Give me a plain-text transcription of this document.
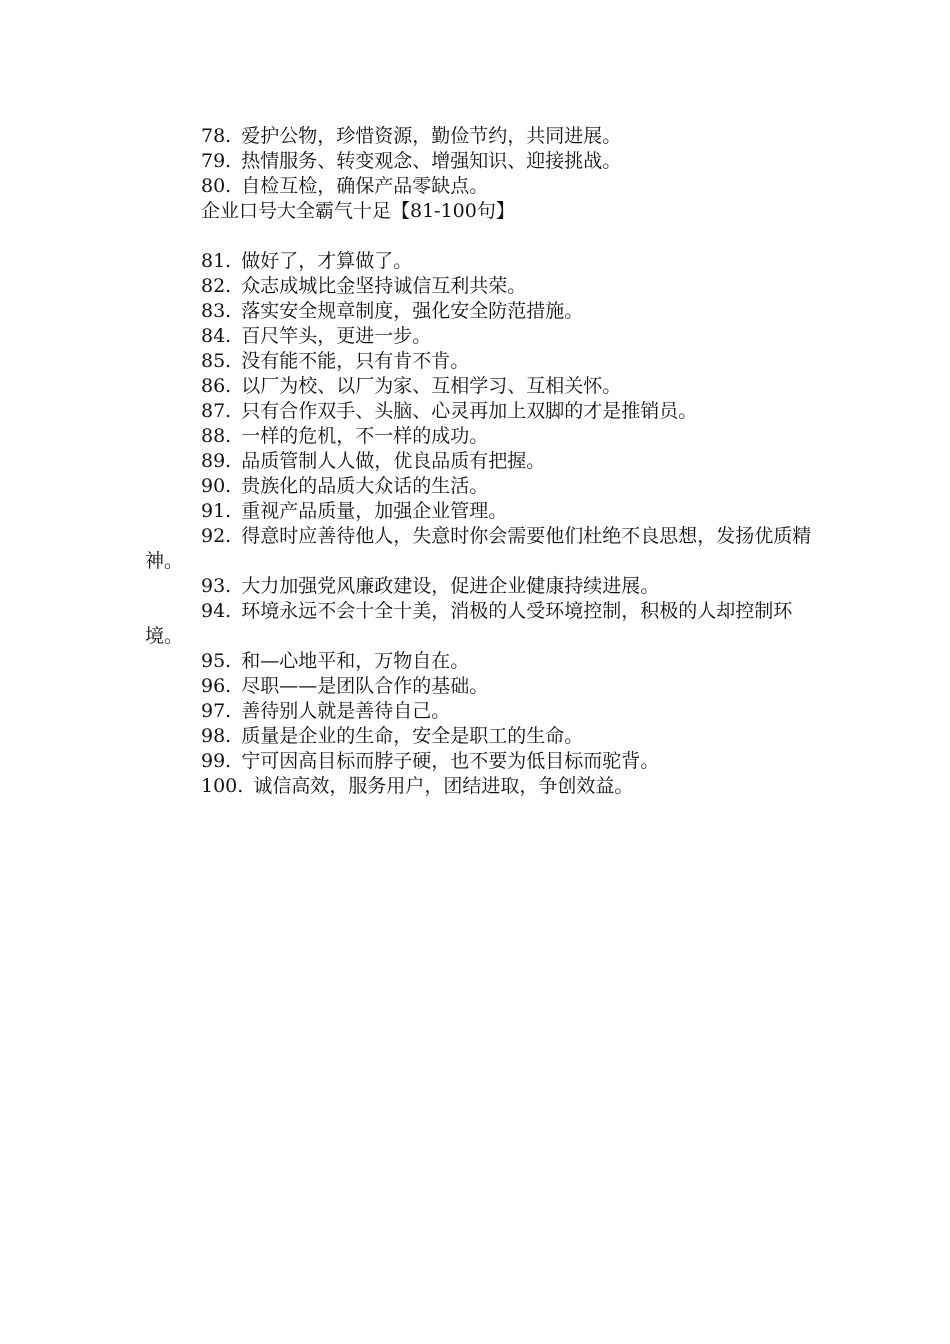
78. 爱护公物，珍惜资源，勤俭节约，共同进展。
79. 热情服务、转变观念、增强知识、迎接挑战。
80. 自检互检，确保产品零缺点。
企业口号大全霸气十足【81-100句】
81. 做好了，才算做了。
82. 众志成城比金坚持诚信互利共荣。
83. 落实安全规章制度，强化安全防范措施。
84. 百尺竿头，更进一步。
85. 没有能不能，只有肯不肯。
86. 以厂为校、以厂为家、互相学习、互相关怀。
87. 只有合作双手、头脑、心灵再加上双脚的才是推销员。
88. 一样的危机，不一样的成功。
89. 品质管制人人做，优良品质有把握。
90. 贵族化的品质大众话的生活。
91. 重视产品质量，加强企业管理。
92. 得意时应善待他人，失意时你会需要他们杜绝不良思想，发扬优质精神。
93. 大力加强党风廉政建设，促进企业健康持续进展。
94. 环境永远不会十全十美，消极的人受环境控制，积极的人却控制环境。
95. 和—心地平和，万物自在。
96. 尽职——是团队合作的基础。
97. 善待别人就是善待自己。
98. 质量是企业的生命，安全是职工的生命。
99. 宁可因高目标而脖子硬，也不要为低目标而驼背。
100. 诚信高效，服务用户，团结进取，争创效益。
